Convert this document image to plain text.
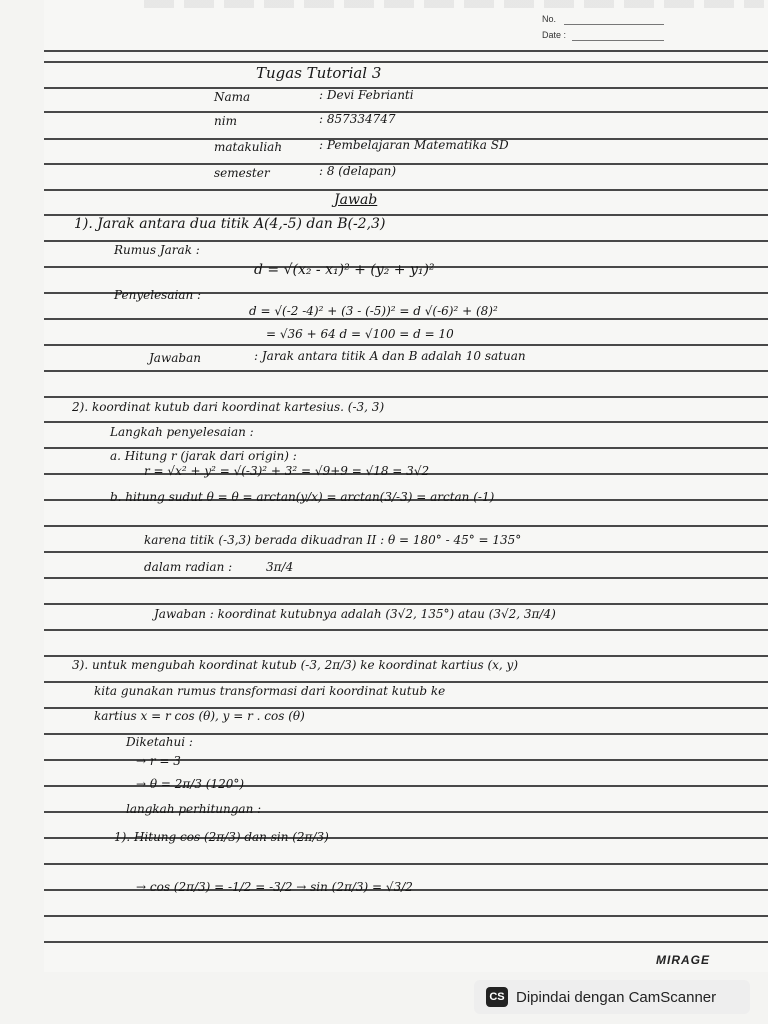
No.
Date :
Tugas Tutorial 3
Nama	: Devi Febrianti
nim	: 857334747
matakuliah	: Pembelajaran Matematika SD
semester	: 8 (delapan)
Jawab
1). Jarak antara dua titik A(4,-5) dan B(-2,3)
Rumus Jarak :
d = √(x₂ - x₁)² + (y₂ + y₁)²
Penyelesaian :
d = √(-2 -4)² + (3 - (-5))² = d √(-6)² + (8)²
= √36 + 64 d = √100 = d = 10
Jawaban	: Jarak antara titik A dan B adalah 10 satuan
2). koordinat kutub dari koordinat kartesius. (-3, 3)
Langkah penyelesaian :
a. Hitung r (jarak dari origin) :
r = √x² + y² = √(-3)² + 3² = √9+9 = √18 = 3√2
b. hitung sudut θ = θ = arctan(y/x) = arctan(3/-3) = arctan (-1)
karena titik (-3,3) berada dikuadran II : θ = 180° - 45° = 135°
dalam radian :	3π/4
Jawaban : koordinat kutubnya adalah (3√2, 135°) atau (3√2, 3π/4)
3). untuk mengubah koordinat kutub (-3, 2π/3) ke koordinat kartius (x, y)
kita gunakan rumus transformasi dari koordinat kutub ke
kartius x = r cos (θ), y = r . cos (θ)
Diketahui :
→ r = 3
→ θ = 2π/3 (120°)
langkah perhitungan :
1). Hitung cos (2π/3) dan sin (2π/3)
→ cos (2π/3) = -1/2 = -3/2 → sin (2π/3) = √3/2
MIRAGE
CS Dipindai dengan CamScanner
